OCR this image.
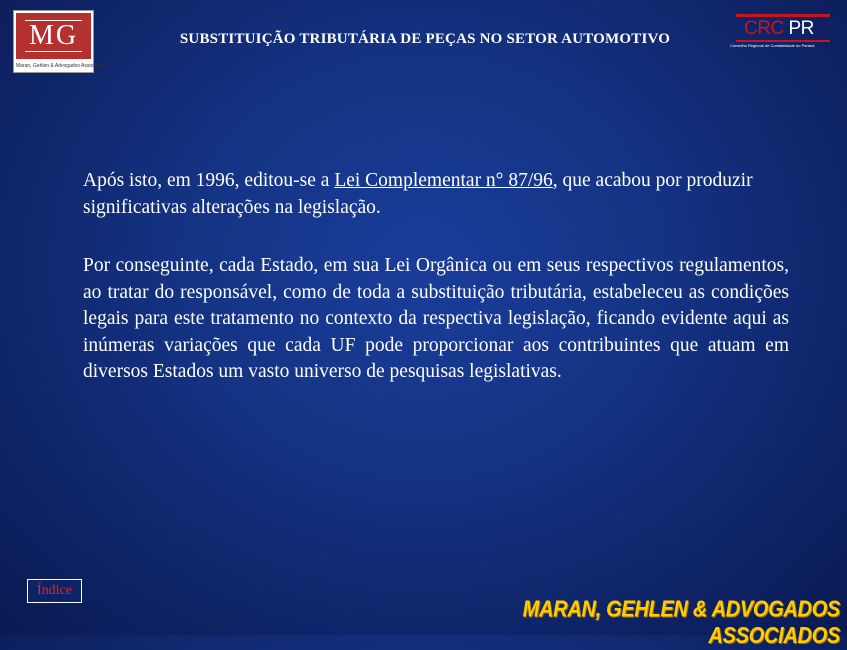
MG
Maran, Gehlen & Advogados Associados
SUBSTITUIÇÃO TRIBUTÁRIA DE PEÇAS NO SETOR AUTOMOTIVO	CRC PR
Conselho Regional de Contabilidade do Paraná

Após isto, em 1996, editou-se a Lei Complementar n° 87/96, que acabou por produzir significativas alterações na legislação.

Por conseguinte, cada Estado, em sua Lei Orgânica ou em seus respectivos regulamentos, ao tratar do responsável, como de toda a substituição tributária, estabeleceu as condições legais para este tratamento no contexto da respectiva legislação, ficando evidente aqui as inúmeras variações que cada UF pode proporcionar aos contribuintes que atuam em diversos Estados um vasto universo de pesquisas legislativas.

Índice
MARAN, GEHLEN & ADVOGADOS ASSOCIADOS
